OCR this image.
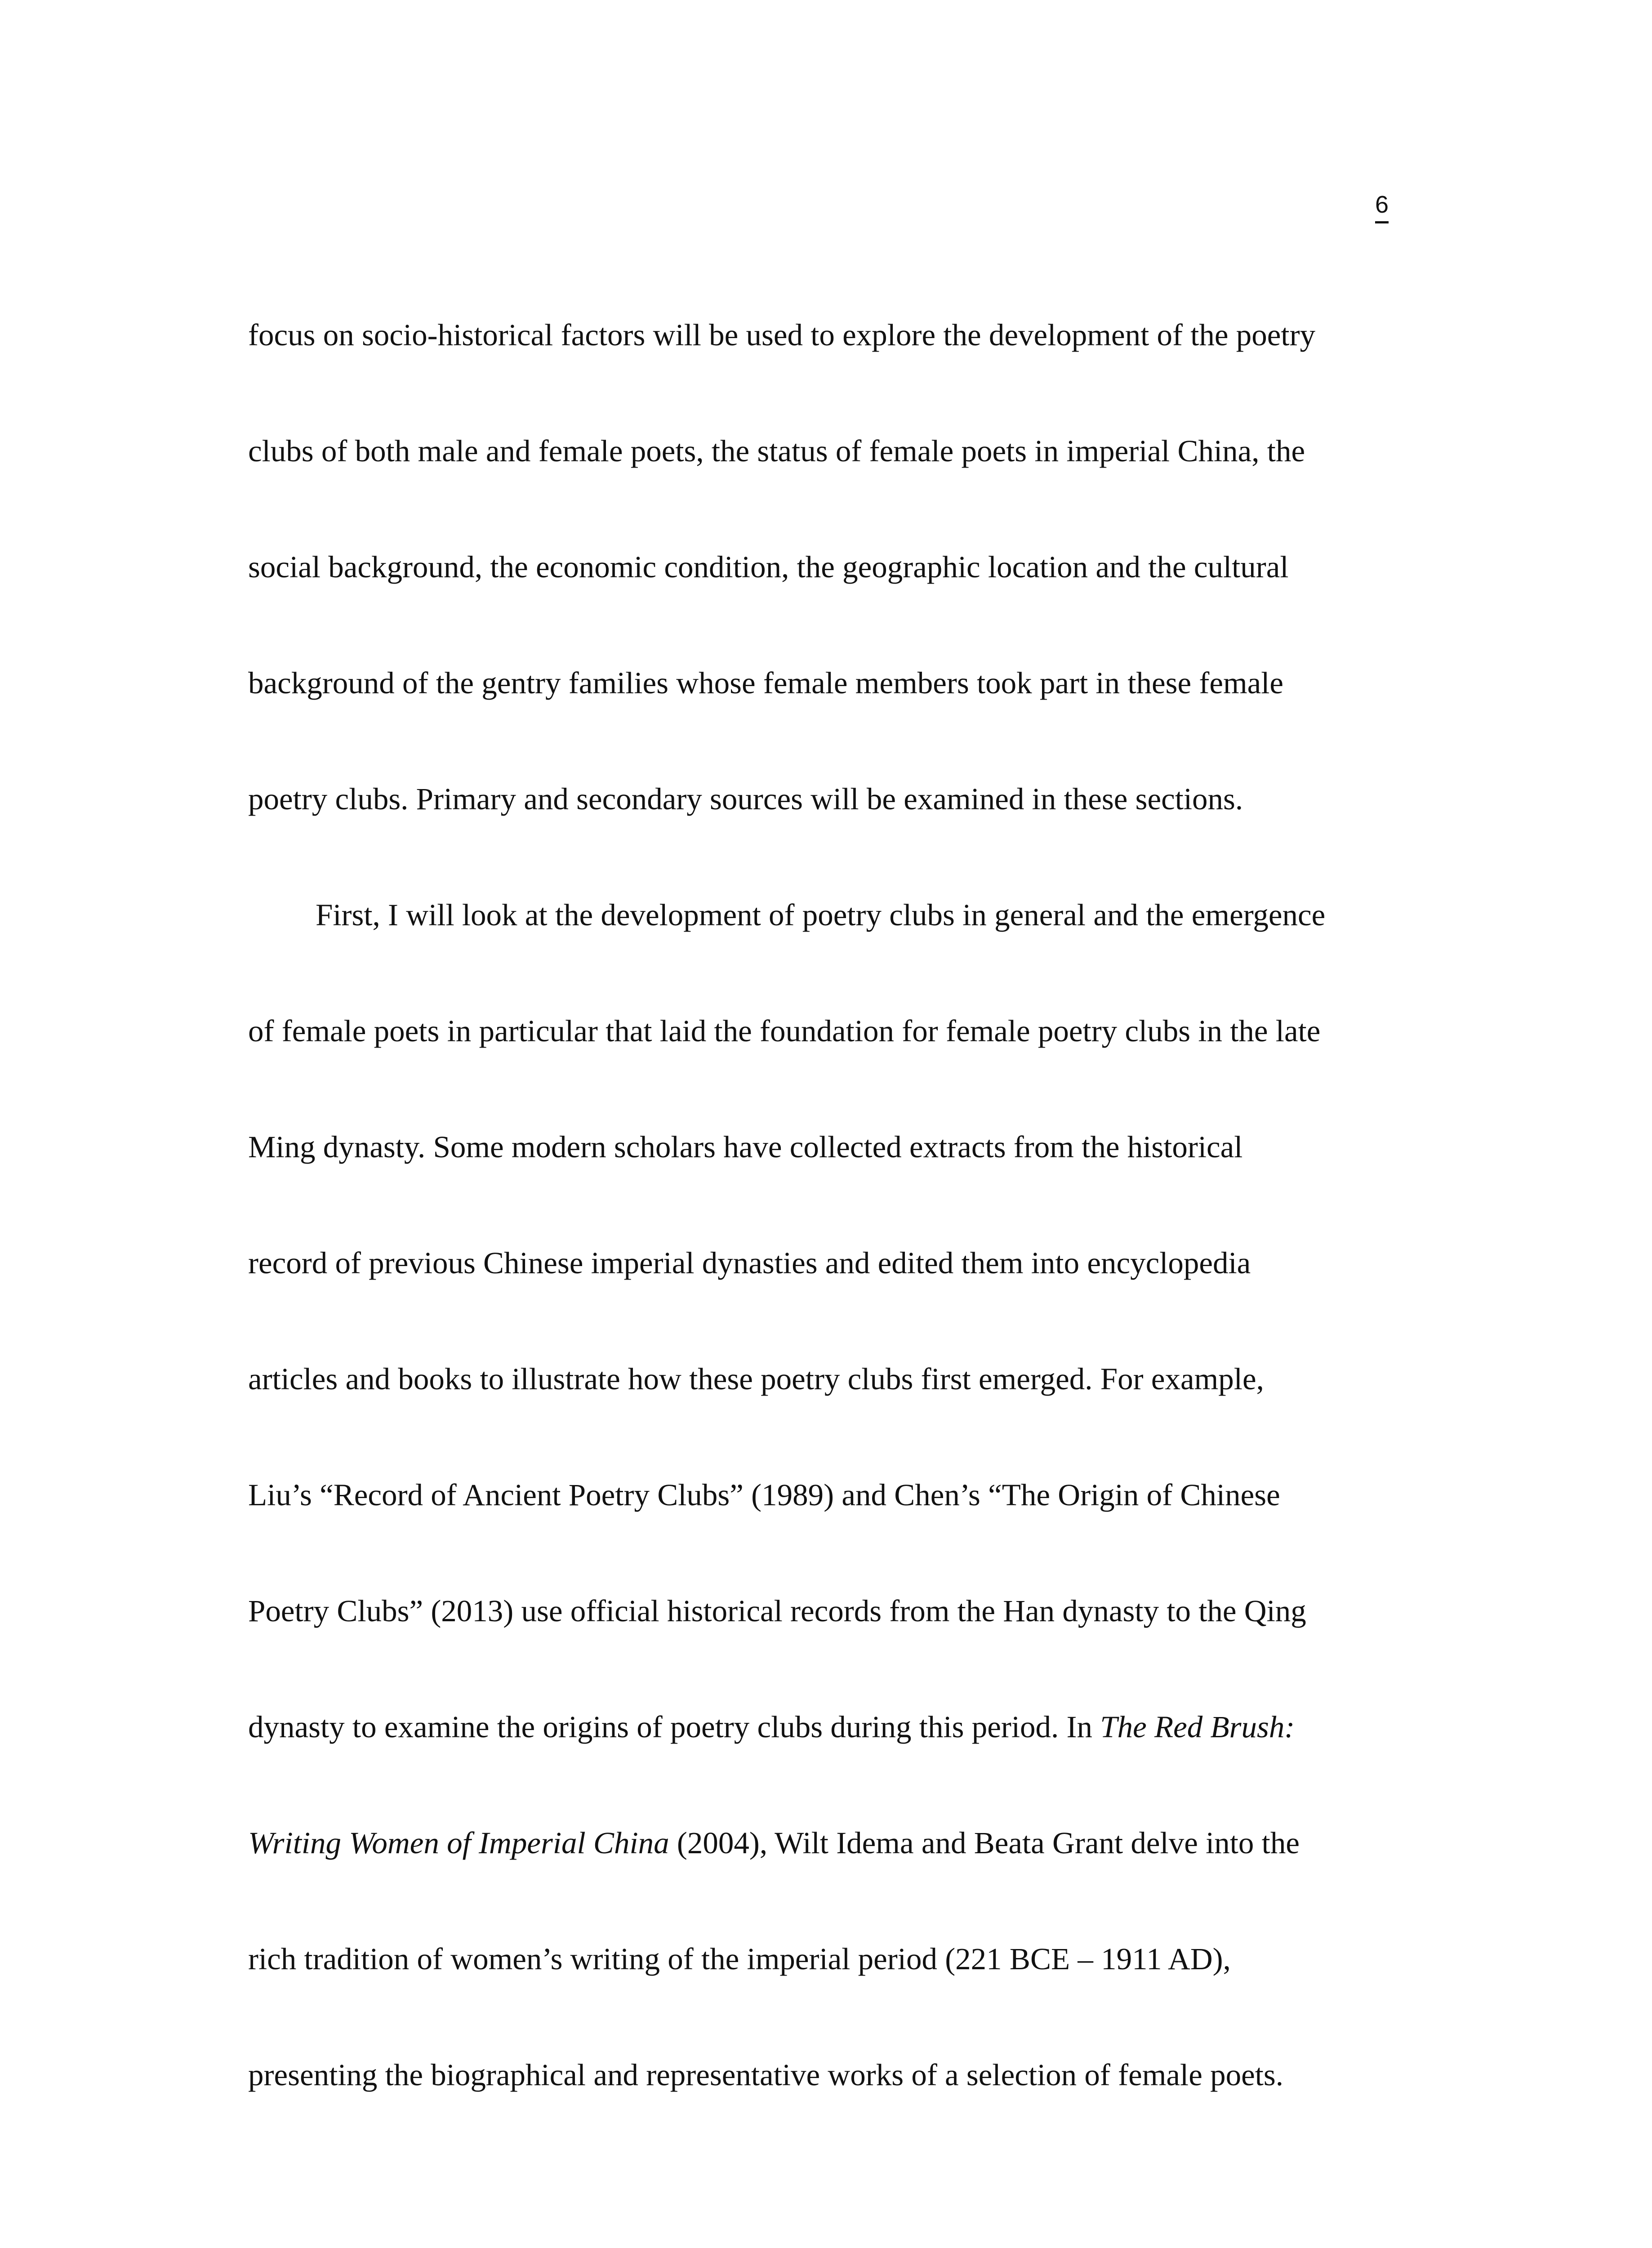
6
focus on socio-historical factors will be used to explore the development of the poetry
clubs of both male and female poets, the status of female poets in imperial China, the
social background, the economic condition, the geographic location and the cultural
background of the gentry families whose female members took part in these female
poetry clubs. Primary and secondary sources will be examined in these sections.
First, I will look at the development of poetry clubs in general and the emergence
of female poets in particular that laid the foundation for female poetry clubs in the late
Ming dynasty. Some modern scholars have collected extracts from the historical
record of previous Chinese imperial dynasties and edited them into encyclopedia
articles and books to illustrate how these poetry clubs first emerged. For example,
Liu’s “Record of Ancient Poetry Clubs” (1989) and Chen’s “The Origin of Chinese
Poetry Clubs” (2013) use official historical records from the Han dynasty to the Qing
dynasty to examine the origins of poetry clubs during this period. In The Red Brush:
Writing Women of Imperial China (2004), Wilt Idema and Beata Grant delve into the
rich tradition of women’s writing of the imperial period (221 BCE – 1911 AD),
presenting the biographical and representative works of a selection of female poets.
